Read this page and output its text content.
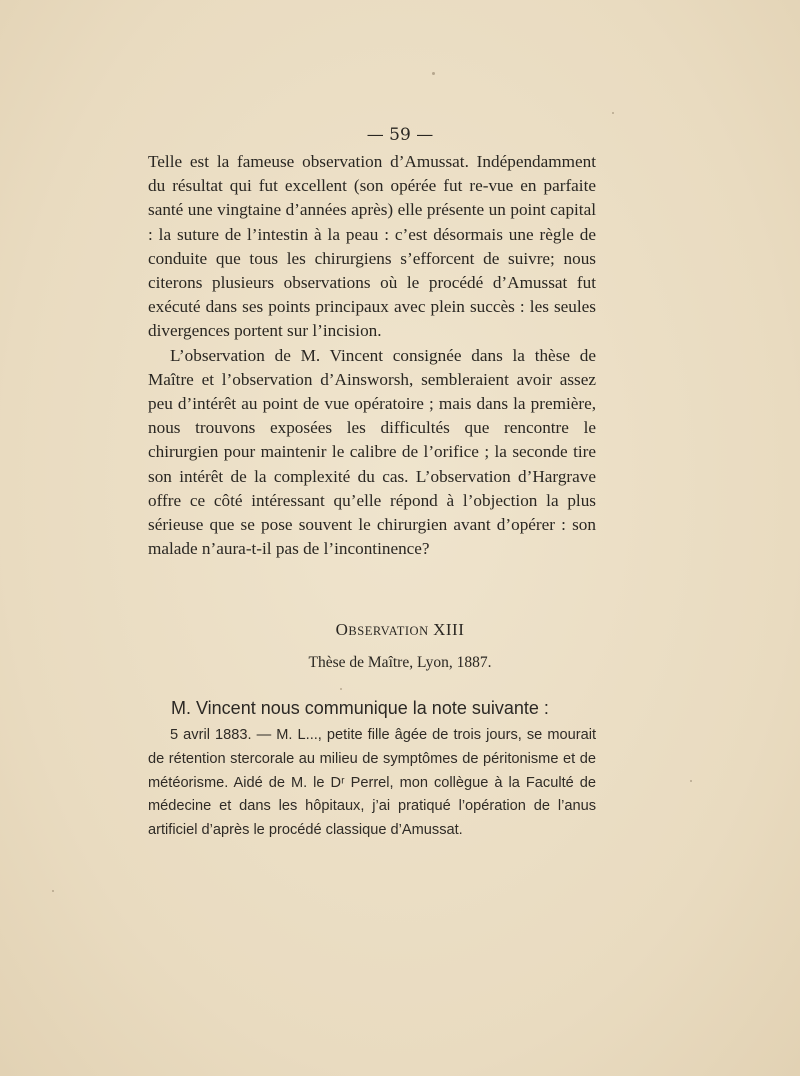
— 59 —

Telle est la fameuse observation d’Amussat. Indépendamment du résultat qui fut excellent (son opérée fut re-vue en parfaite santé une vingtaine d’années après) elle présente un point capital : la suture de l’intestin à la peau : c’est désormais une règle de conduite que tous les chirurgiens s’efforcent de suivre; nous citerons plusieurs observations où le procédé d’Amussat fut exécuté dans ses points principaux avec plein succès : les seules divergences portent sur l’incision.

L’observation de M. Vincent consignée dans la thèse de Maître et l’observation d’Ainsworsh, sembleraient avoir assez peu d’intérêt au point de vue opératoire ; mais dans la première, nous trouvons exposées les difficultés que rencontre le chirurgien pour maintenir le calibre de l’orifice ; la seconde tire son intérêt de la complexité du cas. L’observation d’Hargrave offre ce côté intéressant qu’elle répond à l’objection la plus sérieuse que se pose souvent le chirurgien avant d’opérer : son malade n’aura-t-il pas de l’incontinence?

OBSERVATION XIII
Thèse de Maître, Lyon, 1887.
M. Vincent nous communique la note suivante :

5 avril 1883. — M. L..., petite fille âgée de trois jours, se mourait de rétention stercorale au milieu de symptômes de péritonisme et de météorisme. Aidé de M. le Dʳ Perrel, mon collègue à la Faculté de médecine et dans les hôpitaux, j’ai pratiqué l’opération de l’anus artificiel d’après le procédé classique d’Amussat.
